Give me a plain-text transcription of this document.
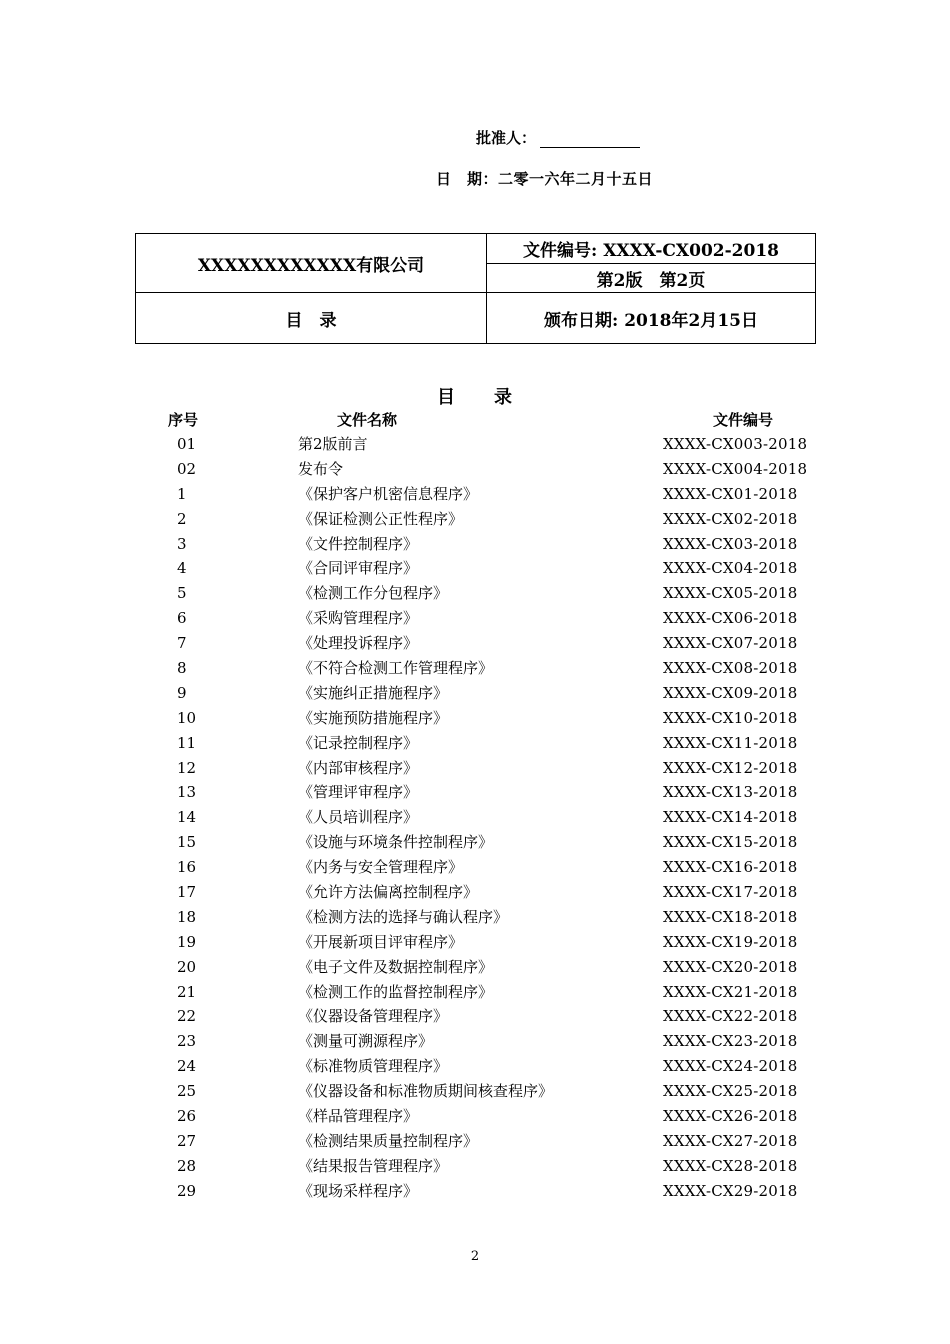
批准人：
日　期：二零一六年二月十五日
XXXXXXXXXXXX有限公司	文件编号: XXXX-CX002-2018
	第2版　第2页
目　录	颁布日期: 2018年2月15日
目　　录
序号	文件名称	文件编号
01	第2版前言	XXXX-CX003-2018
02	发布令	XXXX-CX004-2018
1	《保护客户机密信息程序》	XXXX-CX01-2018
2	《保证检测公正性程序》	XXXX-CX02-2018
3	《文件控制程序》	XXXX-CX03-2018
4	《合同评审程序》	XXXX-CX04-2018
5	《检测工作分包程序》	XXXX-CX05-2018
6	《采购管理程序》	XXXX-CX06-2018
7	《处理投诉程序》	XXXX-CX07-2018
8	《不符合检测工作管理程序》	XXXX-CX08-2018
9	《实施纠正措施程序》	XXXX-CX09-2018
10	《实施预防措施程序》	XXXX-CX10-2018
11	《记录控制程序》	XXXX-CX11-2018
12	《内部审核程序》	XXXX-CX12-2018
13	《管理评审程序》	XXXX-CX13-2018
14	《人员培训程序》	XXXX-CX14-2018
15	《设施与环境条件控制程序》	XXXX-CX15-2018
16	《内务与安全管理程序》	XXXX-CX16-2018
17	《允许方法偏离控制程序》	XXXX-CX17-2018
18	《检测方法的选择与确认程序》	XXXX-CX18-2018
19	《开展新项目评审程序》	XXXX-CX19-2018
20	《电子文件及数据控制程序》	XXXX-CX20-2018
21	《检测工作的监督控制程序》	XXXX-CX21-2018
22	《仪器设备管理程序》	XXXX-CX22-2018
23	《测量可溯源程序》	XXXX-CX23-2018
24	《标准物质管理程序》	XXXX-CX24-2018
25	《仪器设备和标准物质期间核查程序》	XXXX-CX25-2018
26	《样品管理程序》	XXXX-CX26-2018
27	《检测结果质量控制程序》	XXXX-CX27-2018
28	《结果报告管理程序》	XXXX-CX28-2018
29	《现场采样程序》	XXXX-CX29-2018
2
